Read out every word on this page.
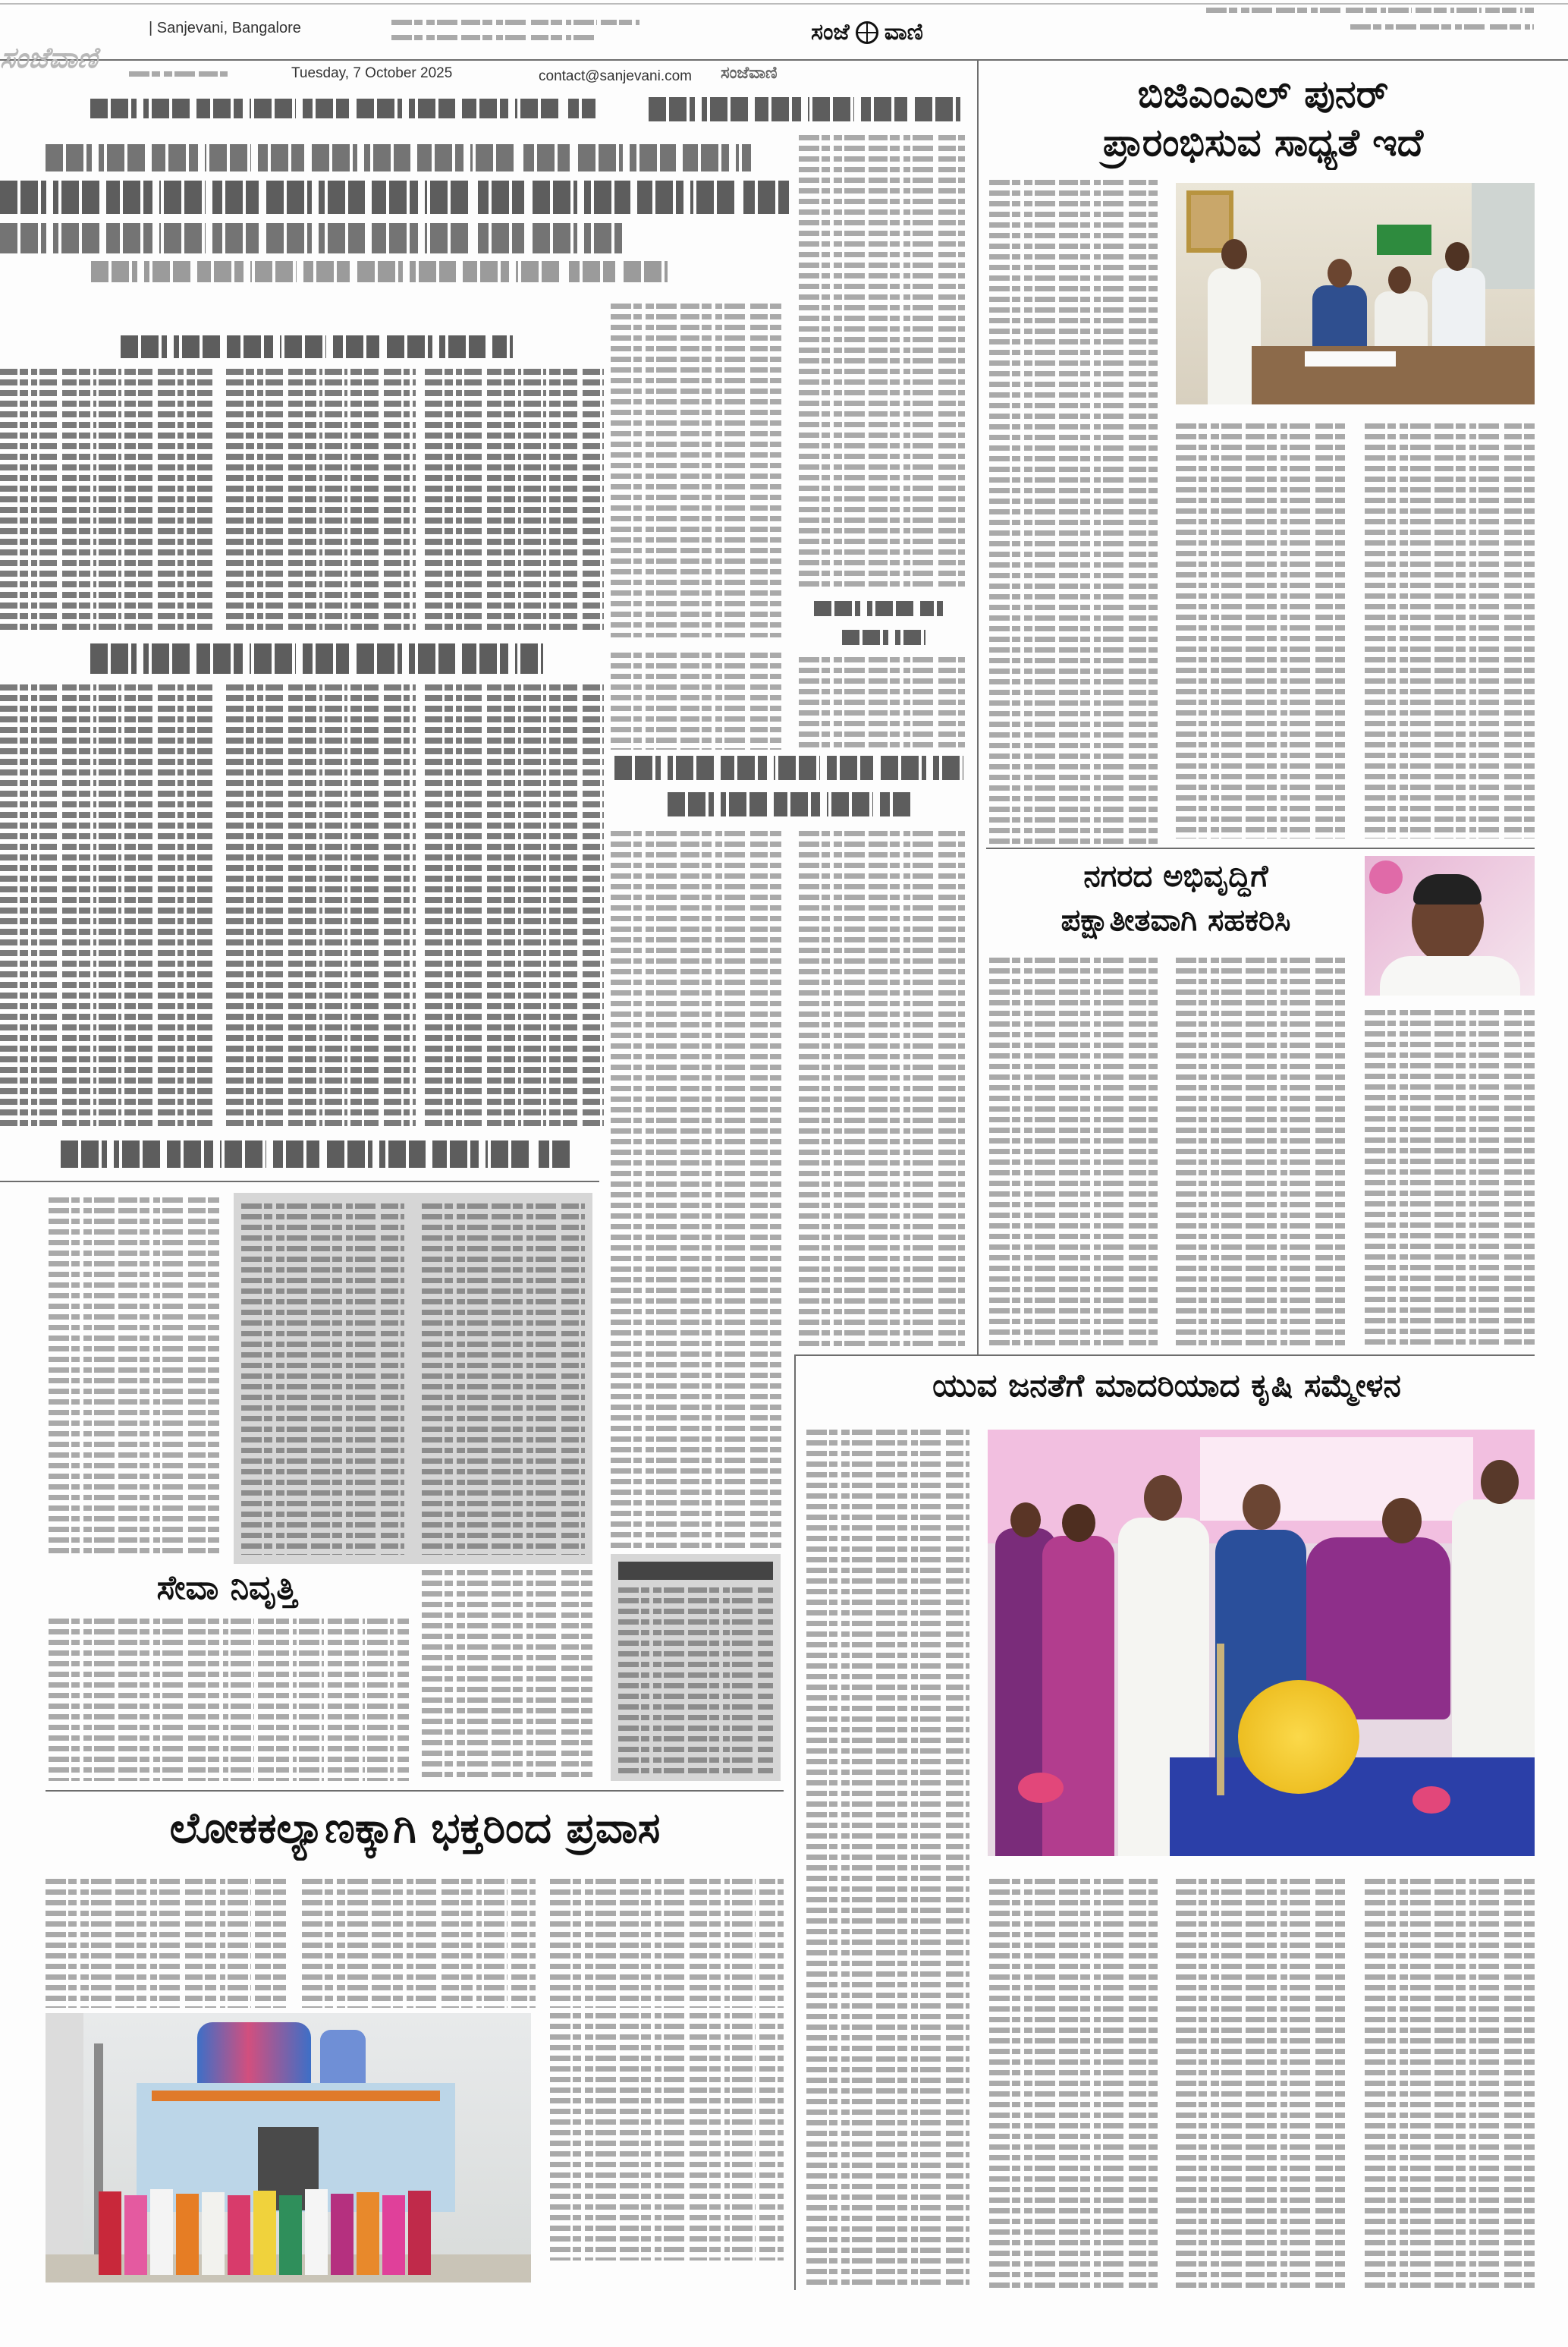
| Sanjevani, Bangalore	ಸಂಜೆ ವಾಣಿ
ಸಂಜೆವಾಣಿ	Tuesday, 7 October 2025	contact@sanjevani.com	ಸಂಜೆವಾಣಿ
ಸೇವಾ ನಿವೃತ್ತಿ
ಲೋಕಕಲ್ಯಾಣಕ್ಕಾಗಿ ಭಕ್ತರಿಂದ ಪ್ರವಾಸ
ಬಿಜಿಎಂಎಲ್ ಪುನರ್
ಪ್ರಾರಂಭಿಸುವ ಸಾಧ್ಯತೆ ಇದೆ
ನಗರದ ಅಭಿವೃದ್ಧಿಗೆ
ಪಕ್ಷಾತೀತವಾಗಿ ಸಹಕರಿಸಿ
ಯುವ ಜನತೆಗೆ ಮಾದರಿಯಾದ ಕೃಷಿ ಸಮ್ಮೇಳನ
